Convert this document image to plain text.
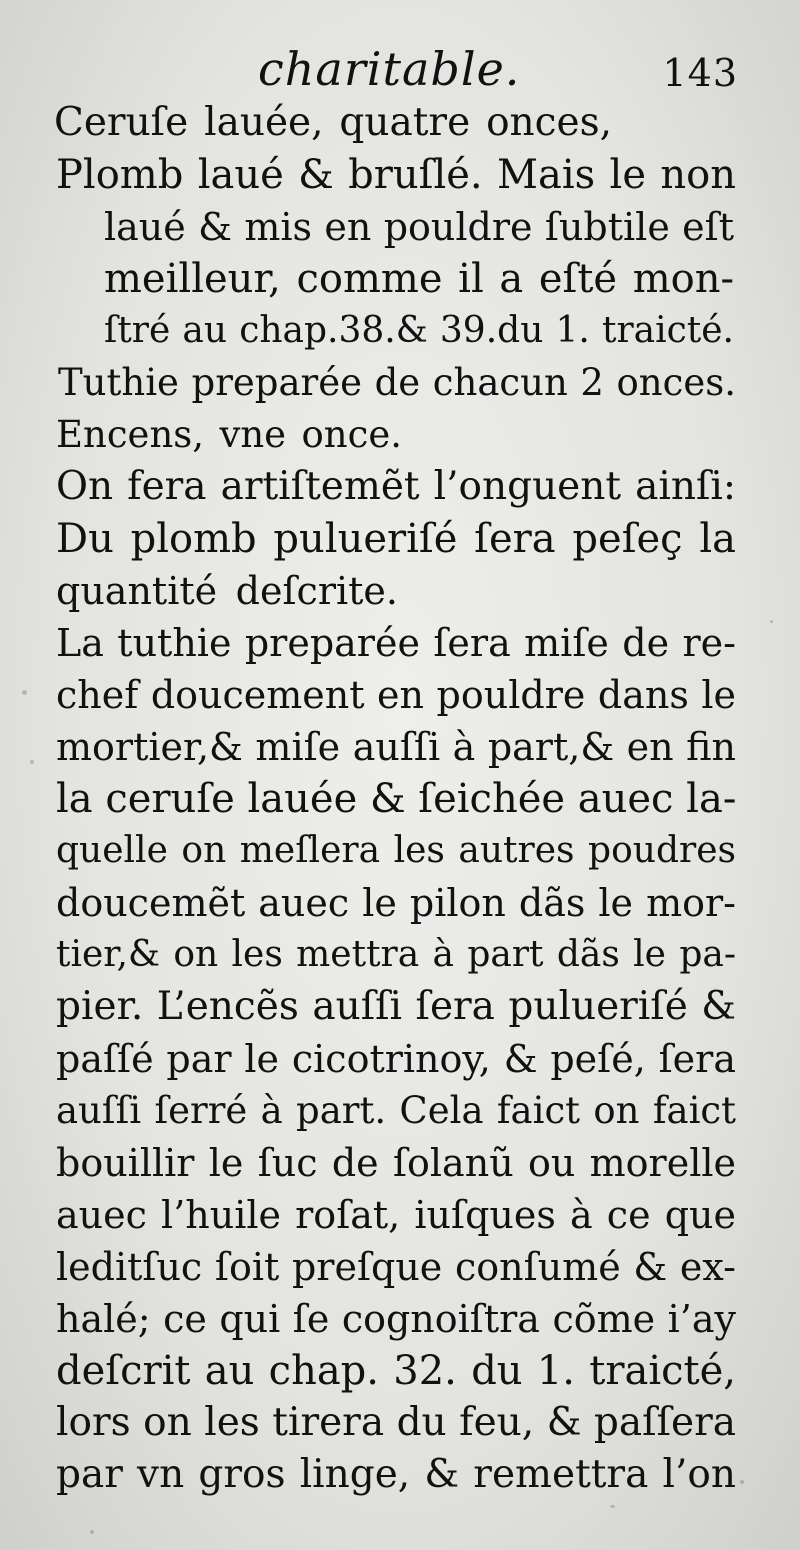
charitable.	143
Ceruſe lauée, quatre onces,
Plomb laué & bruſlé. Mais le non
laué & mis en pouldre ſubtile eſt
meilleur, comme il a eſté mon-
ſtré au chap.38.& 39.du 1. traicté.
Tuthie preparée de chacun 2 onces.
Encens, vne once.
On fera artiſtemẽt l’onguent ainſi:
Du plomb pulueriſé ſera peſeç la
quantité deſcrite.
La tuthie preparée ſera miſe de re-
chef doucement en pouldre dans le
mortier,& miſe auſſi à part,& en fin
la ceruſe lauée & ſeichée auec la-
quelle on meſlera les autres poudres
doucemẽt auec le pilon dãs le mor-
tier,& on les mettra à part dãs le pa-
pier. L’encẽs auſſi ſera pulueriſé &
paſſé par le cicotrinoy, & peſé, ſera
auſſi ſerré à part. Cela faict on faict
bouillir le ſuc de ſolanũ ou morelle
auec l’huile roſat, iuſques à ce que
leditſuc ſoit preſque conſumé & ex-
halé; ce qui ſe cognoiſtra cõme i’ay
deſcrit au chap. 32. du 1. traicté,
lors on les tirera du feu, & paſſera
par vn gros linge, & remettra l’on
